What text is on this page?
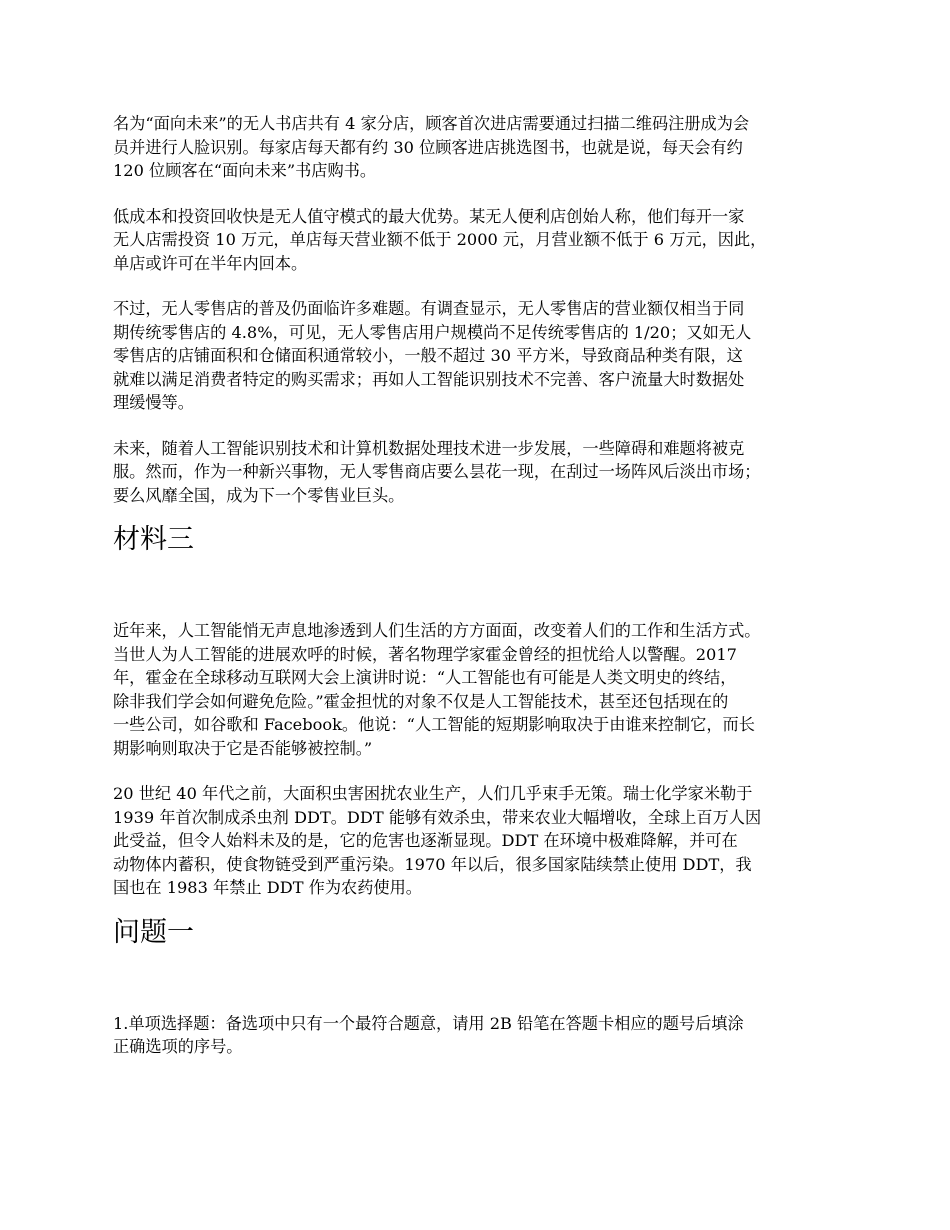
名为“面向未来”的无人书店共有 4 家分店，顾客首次进店需要通过扫描二维码注册成为会
员并进行人脸识别。每家店每天都有约 30 位顾客进店挑选图书，也就是说，每天会有约
120 位顾客在“面向未来”书店购书。

低成本和投资回收快是无人值守模式的最大优势。某无人便利店创始人称，他们每开一家
无人店需投资 10 万元，单店每天营业额不低于 2000 元，月营业额不低于 6 万元，因此，
单店或许可在半年内回本。

不过，无人零售店的普及仍面临许多难题。有调查显示，无人零售店的营业额仅相当于同
期传统零售店的 4.8%，可见，无人零售店用户规模尚不足传统零售店的 1/20；又如无人
零售店的店铺面积和仓储面积通常较小，一般不超过 30 平方米，导致商品种类有限，这
就难以满足消费者特定的购买需求；再如人工智能识别技术不完善、客户流量大时数据处
理缓慢等。

未来，随着人工智能识别技术和计算机数据处理技术进一步发展，一些障碍和难题将被克
服。然而，作为一种新兴事物，无人零售商店要么昙花一现，在刮过一场阵风后淡出市场；
要么风靡全国，成为下一个零售业巨头。

材料三

近年来，人工智能悄无声息地渗透到人们生活的方方面面，改变着人们的工作和生活方式。
当世人为人工智能的进展欢呼的时候，著名物理学家霍金曾经的担忧给人以警醒。2017
年，霍金在全球移动互联网大会上演讲时说：“人工智能也有可能是人类文明史的终结，
除非我们学会如何避免危险。”霍金担忧的对象不仅是人工智能技术，甚至还包括现在的
一些公司，如谷歌和 Facebook。他说：“人工智能的短期影响取决于由谁来控制它，而长
期影响则取决于它是否能够被控制。”

20 世纪 40 年代之前，大面积虫害困扰农业生产，人们几乎束手无策。瑞士化学家米勒于
1939 年首次制成杀虫剂 DDT。DDT 能够有效杀虫，带来农业大幅增收，全球上百万人因
此受益，但令人始料未及的是，它的危害也逐渐显现。DDT 在环境中极难降解，并可在
动物体内蓄积，使食物链受到严重污染。1970 年以后，很多国家陆续禁止使用 DDT，我
国也在 1983 年禁止 DDT 作为农药使用。

问题一

1.单项选择题：备选项中只有一个最符合题意，请用 2B 铅笔在答题卡相应的题号后填涂
正确选项的序号。
